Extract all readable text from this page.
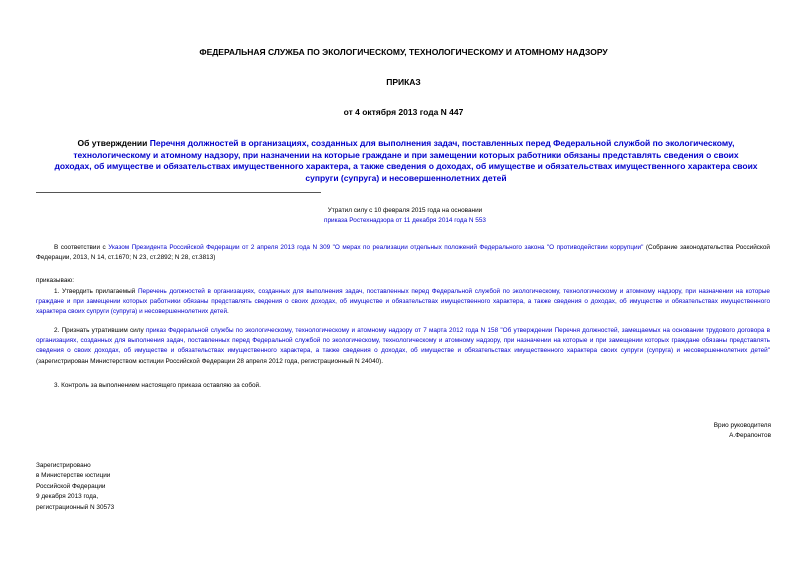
ФЕДЕРАЛЬНАЯ СЛУЖБА ПО ЭКОЛОГИЧЕСКОМУ, ТЕХНОЛОГИЧЕСКОМУ И АТОМНОМУ НАДЗОРУ
ПРИКАЗ
от 4 октября 2013 года N 447
Об утверждении Перечня должностей в организациях, созданных для выполнения задач, поставленных перед Федеральной службой по экологическому, технологическому и атомному надзору, при назначении на которые граждане и при замещении которых работники обязаны представлять сведения о своих доходах, об имуществе и обязательствах имущественного характера, а также сведения о доходах, об имуществе и обязательствах имущественного характера своих супруги (супруга) и несовершеннолетних детей
Утратил силу с 10 февраля 2015 года на основании
приказа Ростехнадзора от 11 декабря 2014 года N 553
В соответствии с Указом Президента Российской Федерации от 2 апреля 2013 года N 309 "О мерах по реализации отдельных положений Федерального закона "О противодействии коррупции" (Собрание законодательства Российской Федерации, 2013, N 14, ст.1670; N 23, ст.2892; N 28, ст.3813)
приказываю:
1. Утвердить прилагаемый Перечень должностей в организациях, созданных для выполнения задач, поставленных перед Федеральной службой по экологическому, технологическому и атомному надзору, при назначении на которые граждане и при замещении которых работники обязаны представлять сведения о своих доходах, об имуществе и обязательствах имущественного характера, а также сведения о доходах, об имуществе и обязательствах имущественного характера своих супруги (супруга) и несовершеннолетних детей.
2. Признать утратившим силу приказ Федеральной службы по экологическому, технологическому и атомному надзору от 7 марта 2012 года N 158 "Об утверждении Перечня должностей, замещаемых на основании трудового договора в организациях, созданных для выполнения задач, поставленных перед Федеральной службой по экологическому, технологическому и атомному надзору, при назначении на которые и при замещении которых граждане обязаны представлять сведения о своих доходах, об имуществе и обязательствах имущественного характера, а также сведения о доходах, об имуществе и обязательствах имущественного характера своих супруги (супруга) и несовершеннолетних детей" (зарегистрирован Министерством юстиции Российской Федерации 28 апреля 2012 года, регистрационный N 24040).
3. Контроль за выполнением настоящего приказа оставляю за собой.
Врио руководителя
А.Ферапонтов
Зарегистрировано
в Министерстве юстиции
Российской Федерации
9 декабря 2013 года,
регистрационный N 30573
